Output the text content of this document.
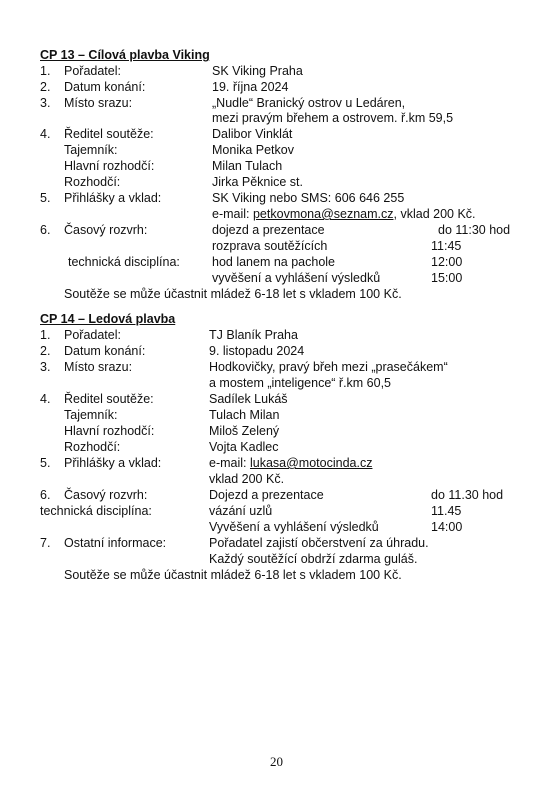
CP 13 – Cílová plavba Viking
1. Pořadatel:	SK Viking Praha
2. Datum konání:	19. října 2024
3. Místo srazu:	„Nudle“ Branický ostrov u Ledáren,
mezi pravým břehem a ostrovem. ř.km 59,5
4. Ředitel soutěže:	Dalibor Vinklát
Tajemník:	Monika Petkov
Hlavní rozhodčí:	Milan Tulach
Rozhodčí:	Jirka Pěknice st.
5. Přihlášky a vklad:	SK Viking nebo SMS: 606 646 255
e-mail: petkovmona@seznam.cz, vklad 200 Kč.
6. Časový rozvrh:	dojezd a prezentace	do 11:30 hod
rozprava soutěžících	11:45
technická disciplína:	hod lanem na pachole	12:00
vyvěšení a vyhlášení výsledků	15:00
Soutěže se může účastnit mládež 6-18 let s vkladem 100 Kč.
CP 14 – Ledová plavba
1. Pořadatel:	TJ Blaník Praha
2. Datum konání:	9. listopadu 2024
3. Místo srazu:	Hodkovičky, pravý břeh mezi „prasečákem“
a mostem „inteligence“ ř.km 60,5
4. Ředitel soutěže:	Sadílek Lukáš
Tajemník:	Tulach Milan
Hlavní rozhodčí:	Miloš Zelený
Rozhodčí:	Vojta Kadlec
5. Přihlášky a vklad:	e-mail: lukasa@motocinda.cz
vklad 200 Kč.
6. Časový rozvrh:	Dojezd a prezentace	do 11.30 hod
technická disciplína:	vázání uzlů	11.45
Vyvěšení a vyhlášení výsledků	14:00
7. Ostatní informace:	Pořadatel zajistí občerstvení za úhradu.
Každý soutěžící obdrží zdarma guláš.
Soutěže se může účastnit mládež 6-18 let s vkladem 100 Kč.
20
